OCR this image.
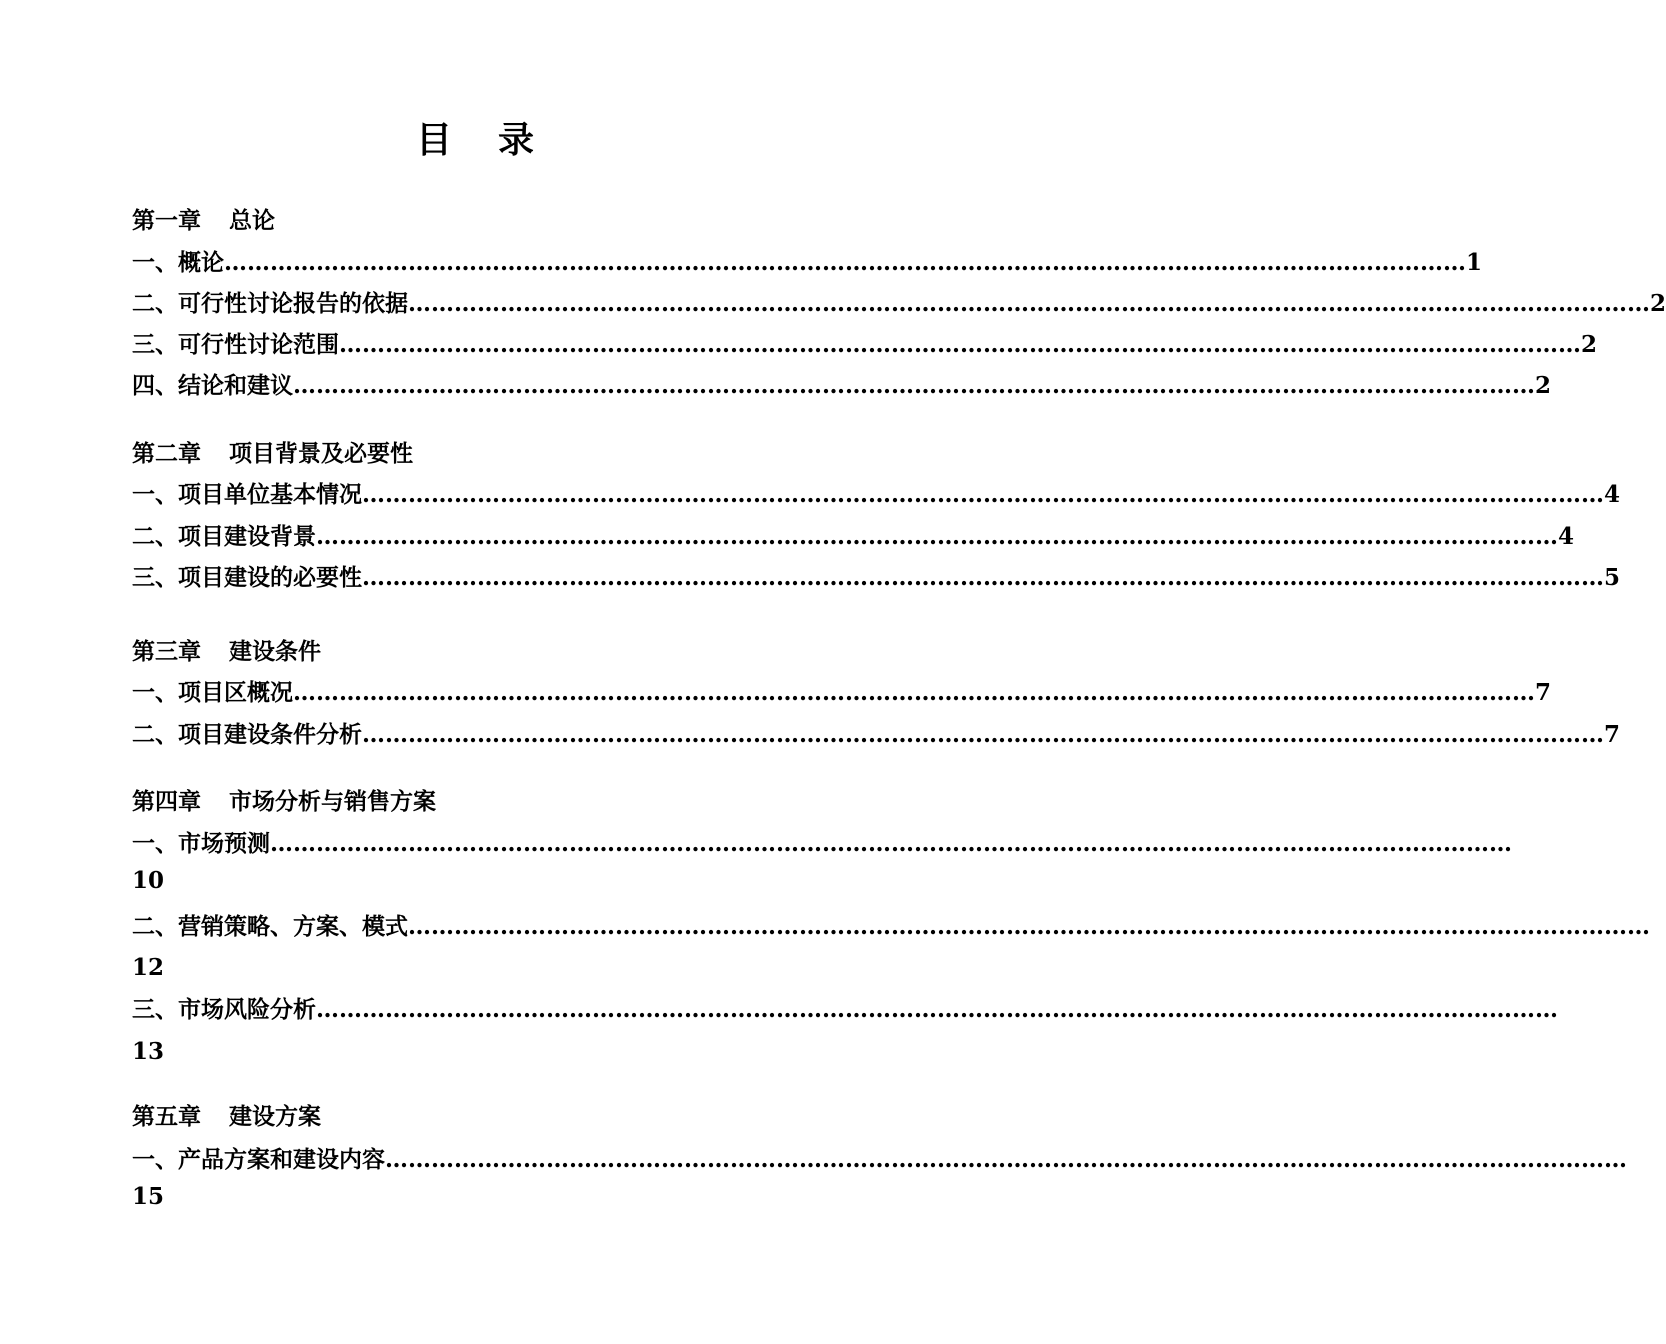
目 录
第一章 总论
一、概论 ……………………………………………………………………………………………………………………………………………… 1
二、可行性讨论报告的依据 ……………………………………………………………………………………………………………………………………………… 2
三、可行性讨论范围 ……………………………………………………………………………………………………………………………………………… 2
四、结论和建议 ……………………………………………………………………………………………………………………………………………… 2
第二章 项目背景及必要性
一、项目单位基本情况 ……………………………………………………………………………………………………………………………………………… 4
二、项目建设背景 ……………………………………………………………………………………………………………………………………………… 4
三、项目建设的必要性 ……………………………………………………………………………………………………………………………………………… 5
第三章 建设条件
一、项目区概况 ……………………………………………………………………………………………………………………………………………… 7
二、项目建设条件分析 ……………………………………………………………………………………………………………………………………………… 7
第四章 市场分析与销售方案
一、市场预测 ………………………………………………………………………………………………………………………………………………
10
二、营销策略、方案、模式 ………………………………………………………………………………………………………………………………………………
12
三、市场风险分析 ………………………………………………………………………………………………………………………………………………
13
第五章 建设方案
一、产品方案和建设内容 ………………………………………………………………………………………………………………………………………………
15
